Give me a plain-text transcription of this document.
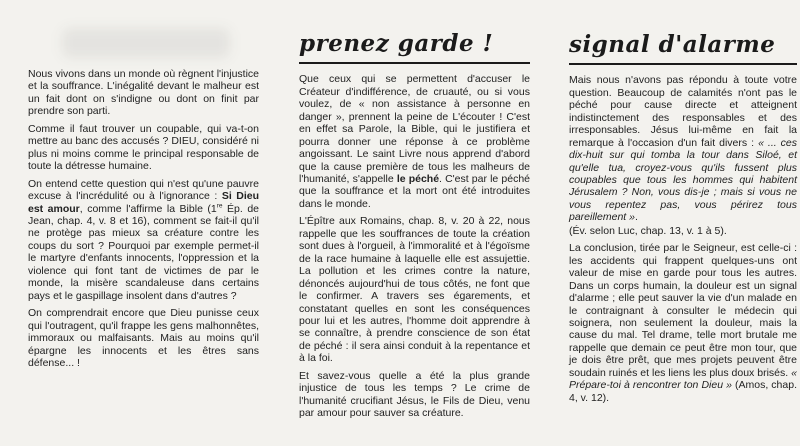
Nous vivons dans un monde où règnent l'injustice et la souffrance. L'inégalité devant le malheur est un fait dont on s'indigne ou dont on finit par prendre son parti.

Comme il faut trouver un coupable, qui va-t-on mettre au banc des accusés ? DIEU, considéré ni plus ni moins comme le principal responsable de toute la détresse humaine.

On entend cette question qui n'est qu'une pauvre excuse à l'incrédulité ou à l'ignorance : Si Dieu est amour, comme l'affirme la Bible (1re Ép. de Jean, chap. 4, v. 8 et 16), comment se fait-il qu'il ne protège pas mieux sa créature contre les coups du sort ? Pourquoi par exemple permet-il le martyre d'enfants innocents, l'oppression et la violence qui font tant de victimes de par le monde, la misère scandaleuse dans certains pays et le gaspillage insolent dans d'autres ?

On comprendrait encore que Dieu punisse ceux qui l'outragent, qu'il frappe les gens malhonnêtes, immoraux ou malfaisants. Mais au moins qu'il épargne les innocents et les êtres sans défense... !

prenez garde !

Que ceux qui se permettent d'accuser le Créateur d'indifférence, de cruauté, ou si vous voulez, de « non assistance à personne en danger », prennent la peine de L'écouter ! C'est en effet sa Parole, la Bible, qui le justifiera et pourra donner une réponse à ce problème angoissant. Le saint Livre nous apprend d'abord que la cause première de tous les malheurs de l'humanité, s'appelle le péché. C'est par le péché que la souffrance et la mort ont été introduites dans le monde.

L'Épître aux Romains, chap. 8, v. 20 à 22, nous rappelle que les souffrances de toute la création sont dues à l'orgueil, à l'immoralité et à l'égoïsme de la race humaine à laquelle elle est assujettie. La pollution et les crimes contre la nature, dénoncés aujourd'hui de tous côtés, ne font que le confirmer. A travers ses égarements, et constatant quelles en sont les conséquences pour lui et les autres, l'homme doit apprendre à se connaître, à prendre conscience de son état de péché : il sera ainsi conduit à la repentance et à la foi.

Et savez-vous quelle a été la plus grande injustice de tous les temps ? Le crime de l'humanité crucifiant Jésus, le Fils de Dieu, venu par amour pour sauver sa créature.

signal d'alarme

Mais nous n'avons pas répondu à toute votre question. Beaucoup de calamités n'ont pas le péché pour cause directe et atteignent indistinctement des responsables et des irresponsables. Jésus lui-même en fait la remarque à l'occasion d'un fait divers : « ... ces dix-huit sur qui tomba la tour dans Siloé, et qu'elle tua, croyez-vous qu'ils fussent plus coupables que tous les hommes qui habitent Jérusalem ? Non, vous dis-je ; mais si vous ne vous repentez pas, vous périrez tous pareillement ».

(Év. selon Luc, chap. 13, v. 1 à 5).

La conclusion, tirée par le Seigneur, est celle-ci : les accidents qui frappent quelques-uns ont valeur de mise en garde pour tous les autres. Dans un corps humain, la douleur est un signal d'alarme ; elle peut sauver la vie d'un malade en le contraignant à consulter le médecin qui soignera, non seulement la douleur, mais la cause du mal. Tel drame, telle mort brutale me rappelle que demain ce peut être mon tour, que je dois être prêt, que mes projets peuvent être soudain ruinés et les liens les plus doux brisés. « Prépare-toi à rencontrer ton Dieu » (Amos, chap. 4, v. 12).
